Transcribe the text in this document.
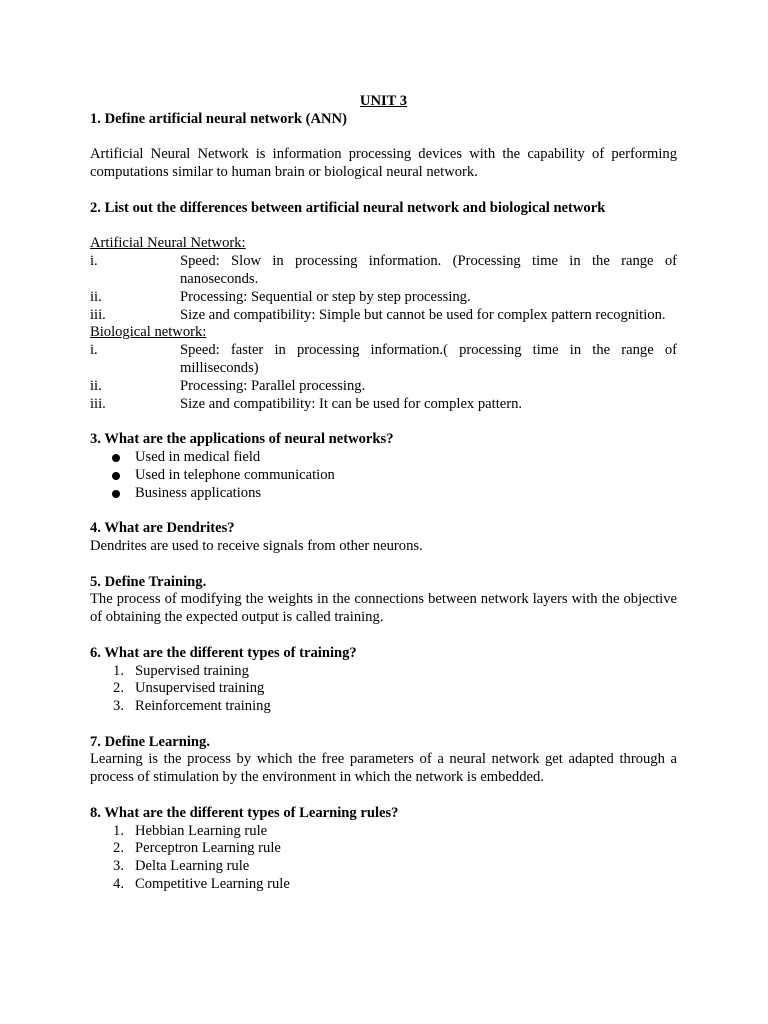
UNIT 3
1. Define artificial neural network (ANN)
Artificial Neural Network is information processing devices with the capability of performing computations similar to human brain or biological neural network.
2. List out the differences between artificial neural network and biological network
Artificial Neural Network:
i.	Speed: Slow in processing information. (Processing time in the range of nanoseconds.
ii.	Processing: Sequential or step by step processing.
iii.	Size and compatibility: Simple but cannot be used for complex pattern recognition.
Biological network:
i.	Speed: faster in processing information.( processing time in the range of milliseconds)
ii.	Processing: Parallel processing.
iii.	Size and compatibility: It can be used for complex pattern.
3. What are the applications of neural networks?
Used in medical field
Used in telephone communication
Business applications
4. What are Dendrites?
Dendrites are used to receive signals from other neurons.
5. Define Training.
The process of modifying the weights in the connections between network layers with the objective of obtaining the expected output is called training.
6. What are the different types of training?
1. Supervised training
2. Unsupervised training
3. Reinforcement training
7. Define Learning.
Learning is the process by which the free parameters of a neural network get adapted through a process of stimulation by the environment in which the network is embedded.
8. What are the different types of Learning rules?
1. Hebbian Learning rule
2. Perceptron Learning rule
3. Delta Learning rule
4. Competitive Learning rule
